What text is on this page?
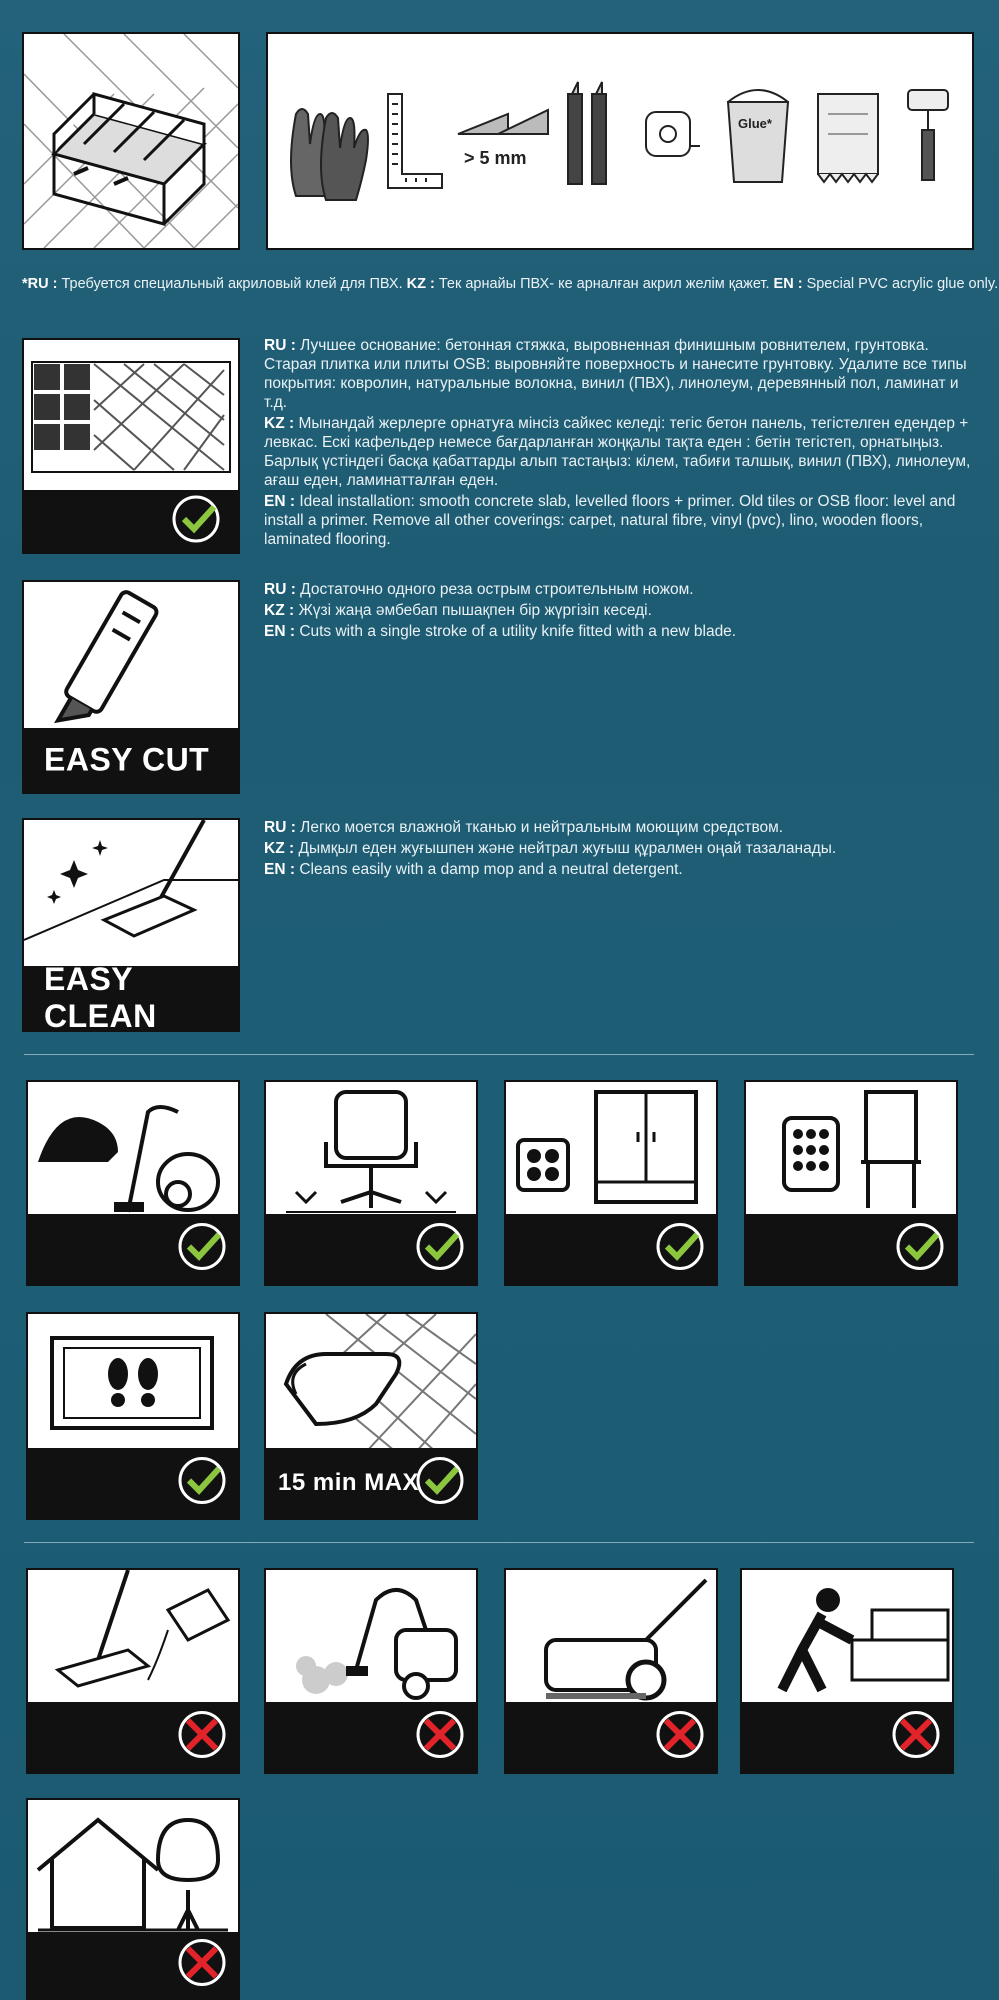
> 5 mm
Glue*
*RU : Требуется специальный акриловый клей для ПВХ. KZ : Тек арнайы ПВХ- ке арналған акрил желім қажет. EN : Special PVC acrylic glue only.

RU : Лучшее основание: бетонная стяжка, выровненная финишным ровнителем, грунтовка. Старая плитка или плиты OSB: выровняйте поверхность и нанесите грунтовку. Удалите все типы покрытия: ковролин, натуральные волокна, винил (ПВХ), линолеум, деревянный пол, ламинат и т.д.

KZ : Мынандай жерлерге орнатуға мінсіз сайкес келеді: тегіс бетон панель, тегістелген едендер + левкас. Ескі кафельдер немесе бағдарланған жоңқалы тақта еден : бетін тегістеп, орнатыңыз. Барлық үстіндегі басқа қабаттарды алып тастаңыз: кілем, табиғи талшық, винил (ПВХ), линолеум, ағаш еден, ламинатталған еден.

EN : Ideal installation: smooth concrete slab, levelled floors + primer. Old tiles or OSB floor: level and install a primer. Remove all other coverings: carpet, natural fibre, vinyl (pvc), lino, wooden floors, laminated flooring.

EASY CUT

RU : Достаточно одного реза острым строительным ножом.

KZ : Жүзі жаңа әмбебап пышақпен бір жүргізіп кеседі.

EN : Cuts with a single stroke of a utility knife fitted with a new blade.

EASY CLEAN

RU : Легко моется влажной тканью и нейтральным моющим средством.

KZ : Дымқыл еден жуғышпен және нейтрал жуғыш құралмен оңай тазаланады.

EN : Cleans easily with a damp mop and a neutral detergent.

15 min MAX
